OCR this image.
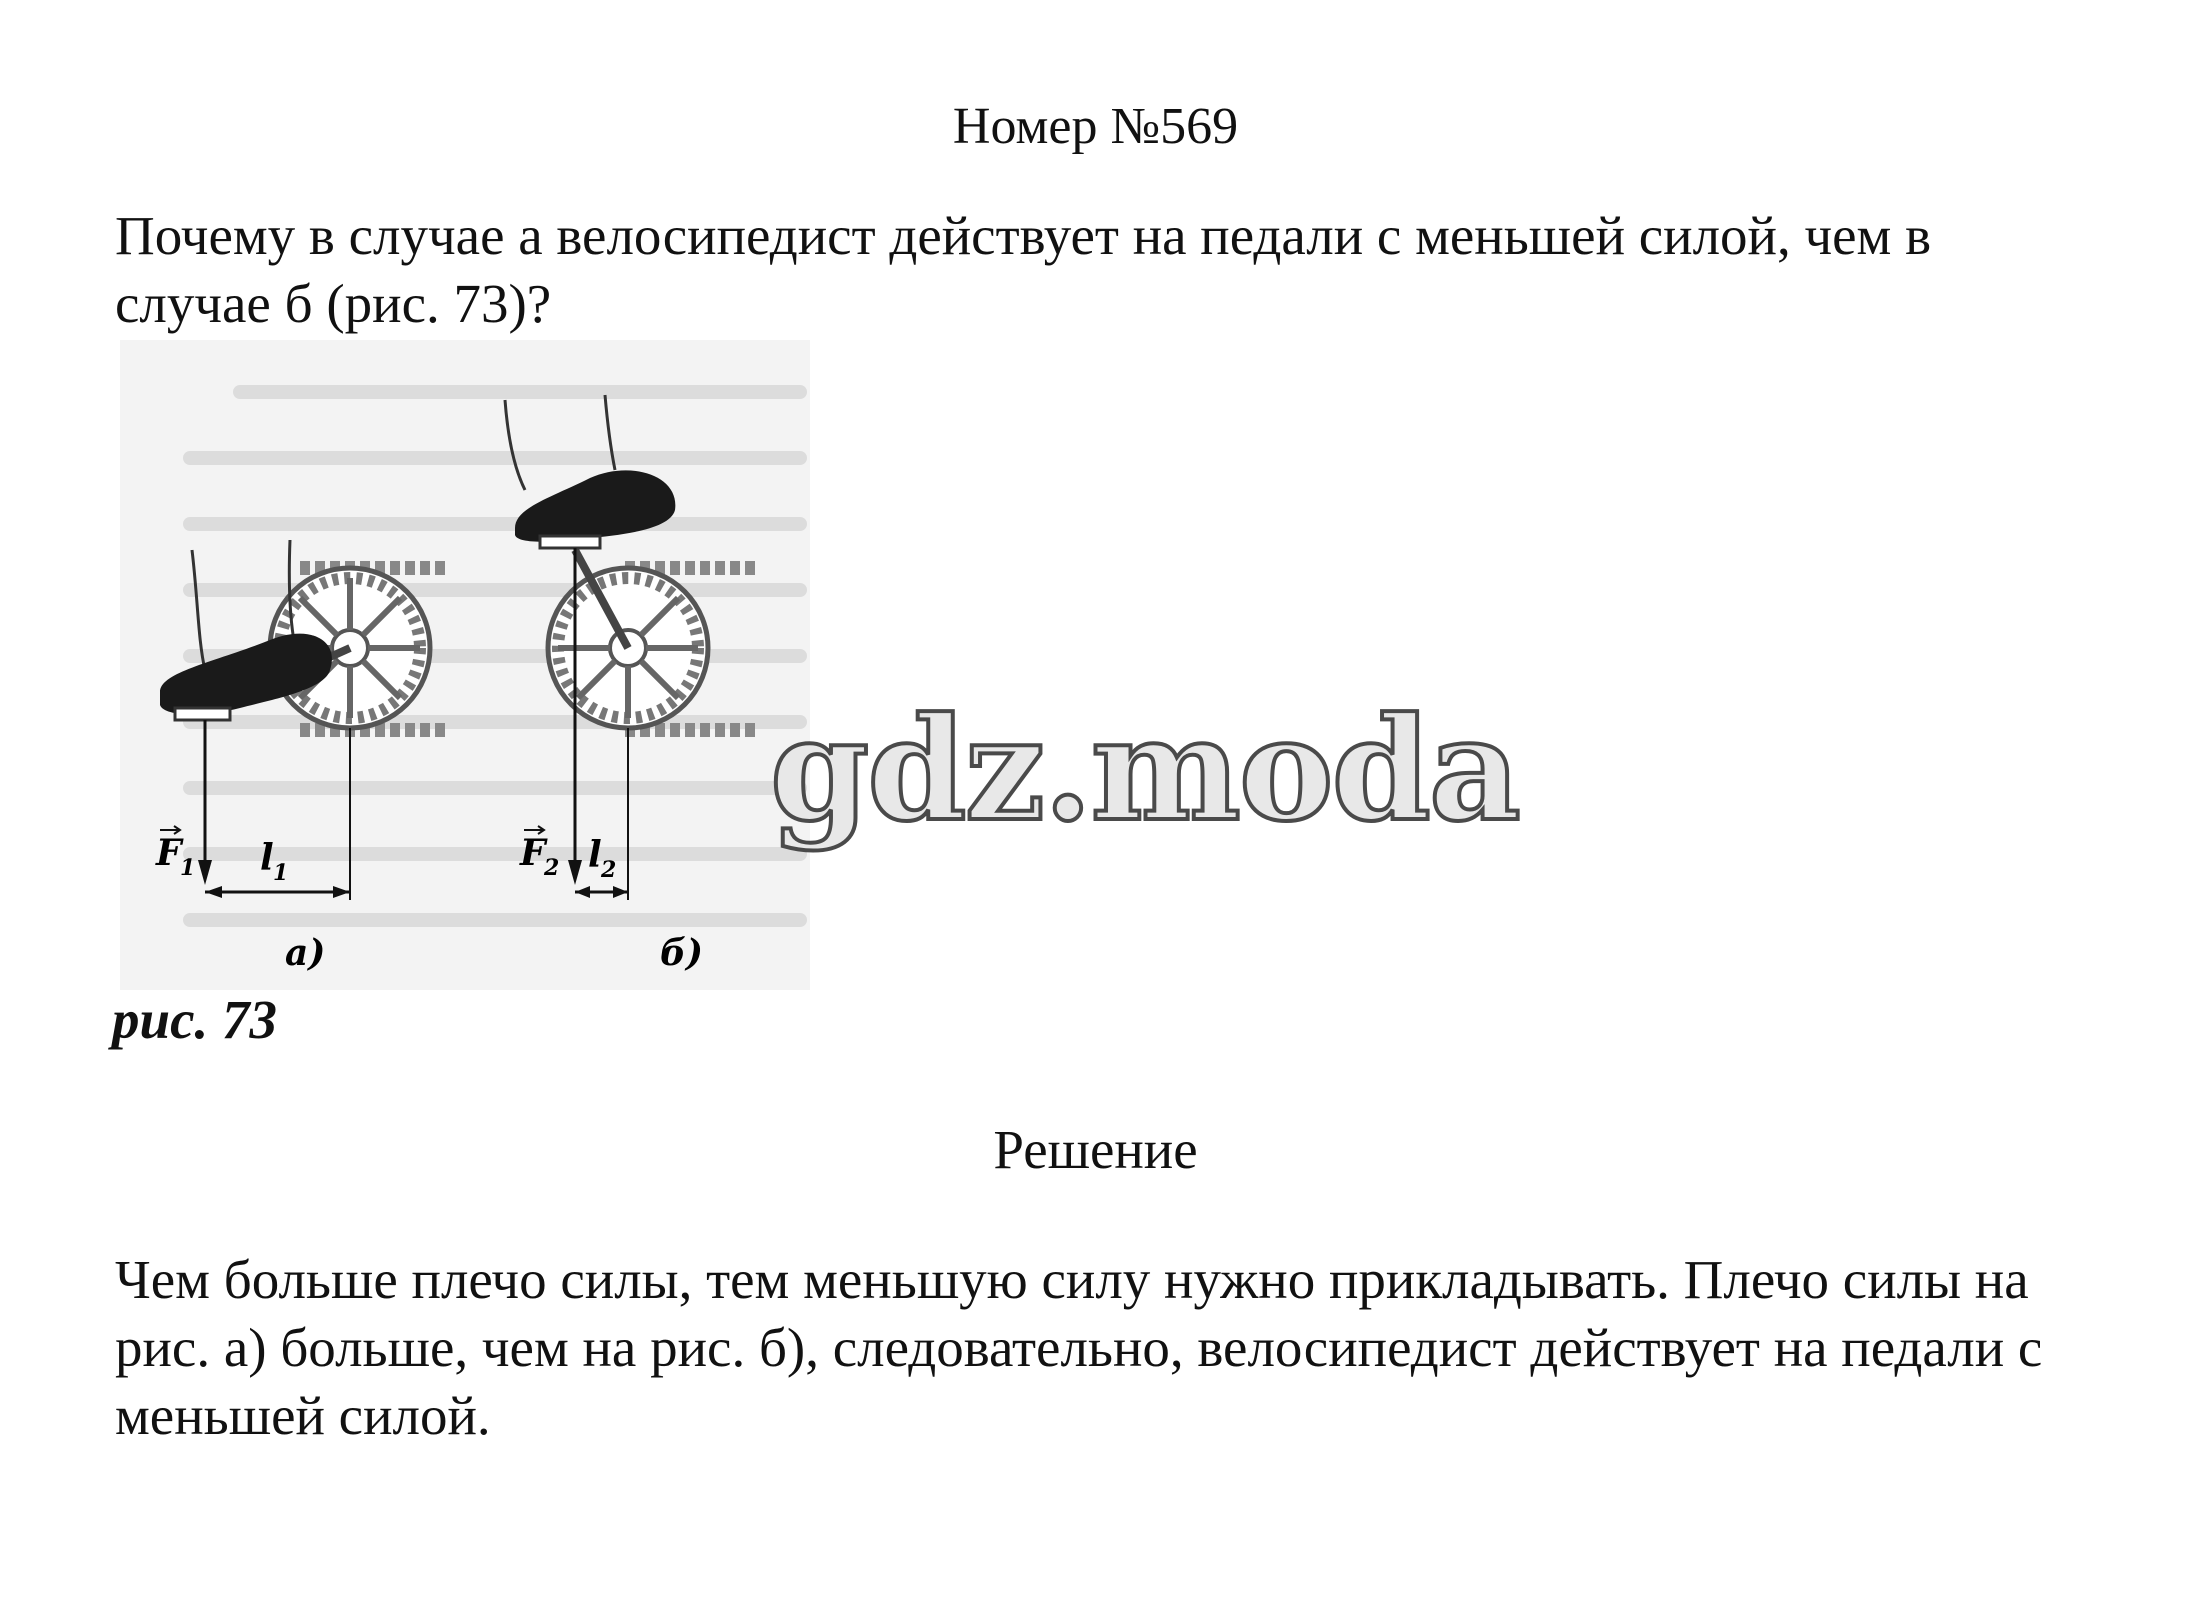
Номер №569

Почему в случае а велосипедист действует на педали с меньшей силой, чем в случае б (рис. 73)?

F
1 l 1
а)
F
2 l 2
б)
рис. 73
gdz.moda
Решение

Чем больше плечо силы, тем меньшую силу нужно прикладывать. Плечо силы на рис. а) больше, чем на рис. б), следовательно, велосипедист действует на педали с меньшей силой.
